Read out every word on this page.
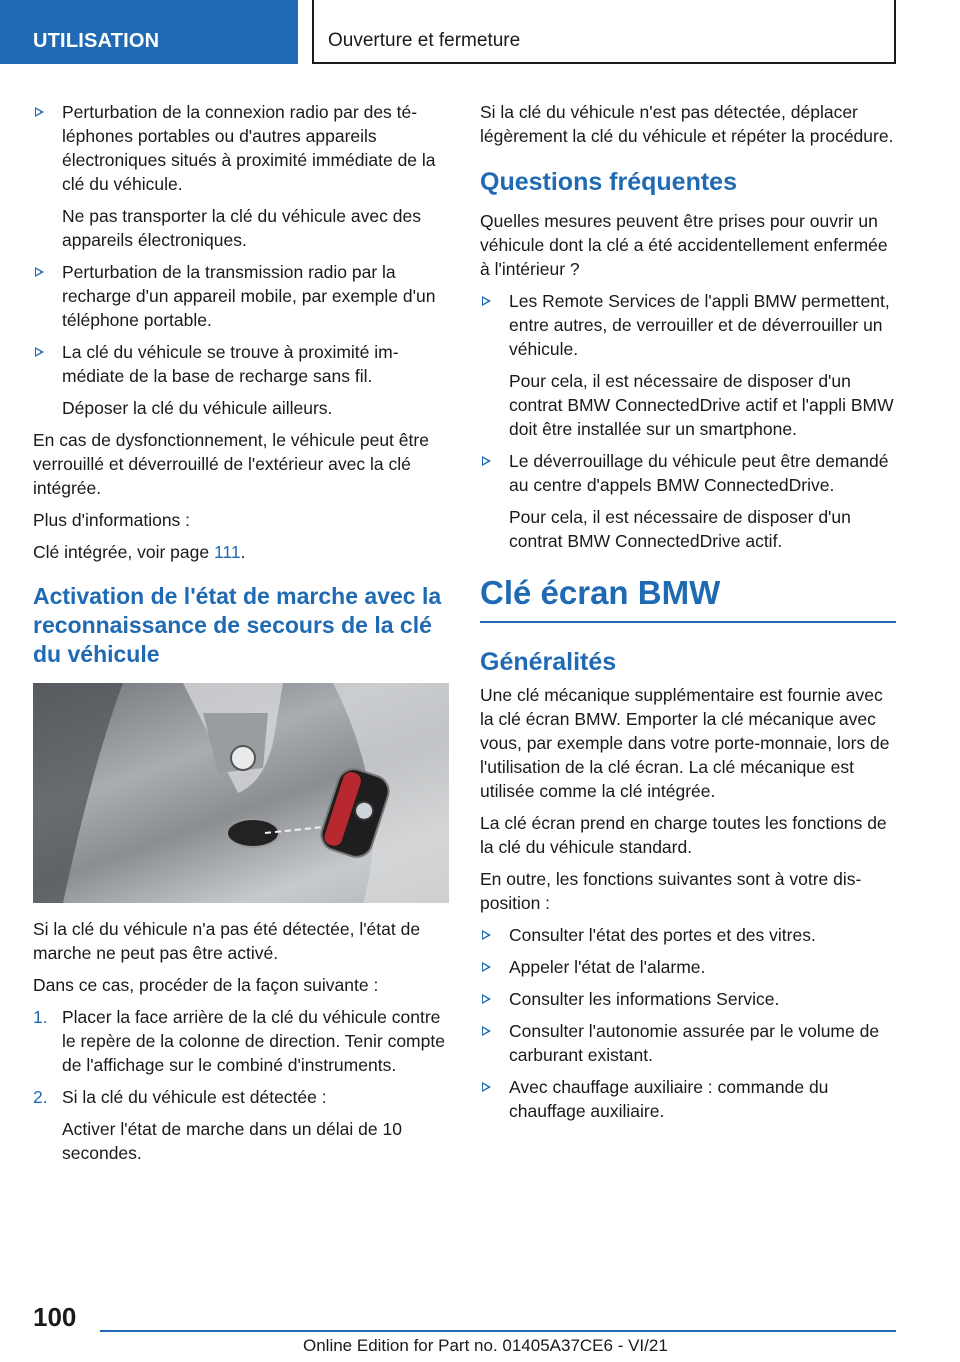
UTILISATION	Ouverture et fermeture
Perturbation de la connexion radio par des téléphones portables ou d'autres appareils électroniques situés à proximité immédiate de la clé du véhicule.
Ne pas transporter la clé du véhicule avec des appareils électroniques.
Perturbation de la transmission radio par la recharge d'un appareil mobile, par exemple d'un téléphone portable.
La clé du véhicule se trouve à proximité immédiate de la base de recharge sans fil.
Déposer la clé du véhicule ailleurs.

En cas de dysfonctionnement, le véhicule peut être verrouillé et déverrouillé de l'extérieur avec la clé intégrée.

Plus d'informations :

Clé intégrée, voir page 111.

Activation de l'état de marche avec la reconnaissance de secours de la clé du véhicule

Si la clé du véhicule n'a pas été détectée, l'état de marche ne peut pas être activé.

Dans ce cas, procéder de la façon suivante :

1. Placer la face arrière de la clé du véhicule contre le repère de la colonne de direction. Tenir compte de l'affichage sur le combiné d'instruments.
2. Si la clé du véhicule est détectée :
Activer l'état de marche dans un délai de 10 secondes.

Si la clé du véhicule n'est pas détectée, déplacer légèrement la clé du véhicule et répéter la procédure.

Questions fréquentes

Quelles mesures peuvent être prises pour ouvrir un véhicule dont la clé a été accidentellement enfermée à l'intérieur ?

Les Remote Services de l'appli BMW permettent, entre autres, de verrouiller et de déverrouiller un véhicule.
Pour cela, il est nécessaire de disposer d'un contrat BMW ConnectedDrive actif et l'appli BMW doit être installée sur un smartphone.
Le déverrouillage du véhicule peut être demandé au centre d'appels BMW ConnectedDrive.
Pour cela, il est nécessaire de disposer d'un contrat BMW ConnectedDrive actif.
Clé écran BMW
Généralités

Une clé mécanique supplémentaire est fournie avec la clé écran BMW. Emporter la clé mécanique avec vous, par exemple dans votre porte-monnaie, lors de l'utilisation de la clé écran. La clé mécanique est utilisée comme la clé intégrée.

La clé écran prend en charge toutes les fonctions de la clé du véhicule standard.

En outre, les fonctions suivantes sont à votre disposition :

Consulter l'état des portes et des vitres.
Appeler l'état de l'alarme.
Consulter les informations Service.
Consulter l'autonomie assurée par le volume de carburant existant.
Avec chauffage auxiliaire : commande du chauffage auxiliaire.
100
Online Edition for Part no. 01405A37CE6 - VI/21
